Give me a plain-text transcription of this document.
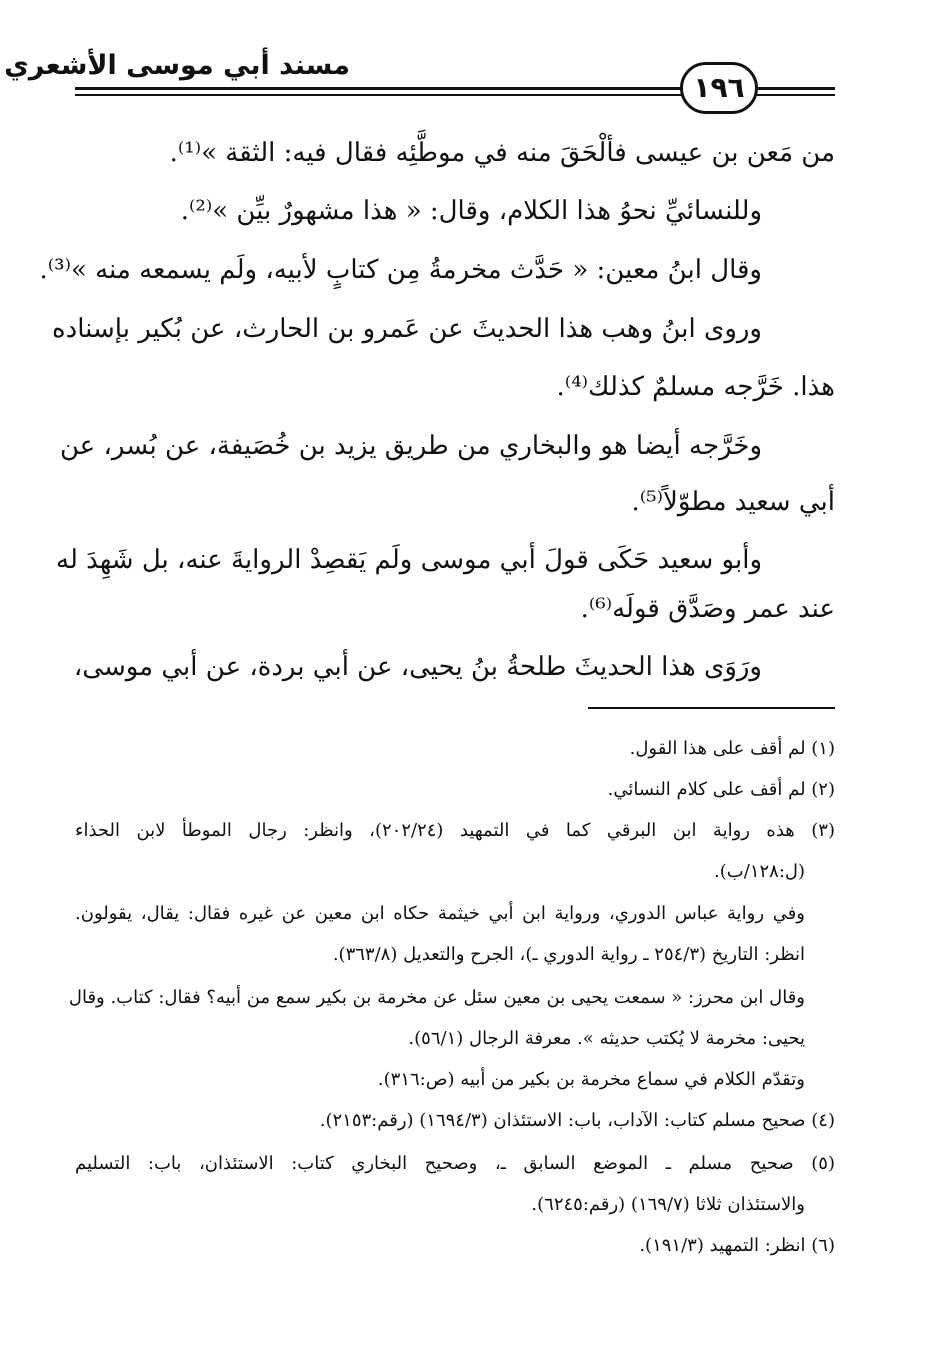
مسند أبي موسى الأشعري
١٩٦
من مَعن بن عيسى فألْحَقَ منه في موطَّئِه فقال فيه: الثقة »⁽¹⁾.
وللنسائيِّ نحوُ هذا الكلام، وقال: « هذا مشهورٌ بيِّن »⁽²⁾.
وقال ابنُ معين: « حَدَّث مخرمةُ مِن كتابٍ لأبيه، ولَم يسمعه منه »⁽³⁾.
وروى ابنُ وهب هذا الحديثَ عن عَمرو بن الحارث، عن بُكير بإسناده
هذا. خَرَّجه مسلمٌ كذلك⁽⁴⁾.
وخَرَّجه أيضا هو والبخاري من طريق يزيد بن خُصَيفة، عن بُسر، عن
أبي سعيد مطوّلاً⁽⁵⁾.
وأبو سعيد حَكَى قولَ أبي موسى ولَم يَقصِدْ الروايةَ عنه، بل شَهِدَ له
عند عمر وصَدَّق قولَه⁽⁶⁾.
ورَوَى هذا الحديثَ طلحةُ بنُ يحيى، عن أبي بردة، عن أبي موسى،
(١) لم أقف على هذا القول.
(٢) لم أقف على كلام النسائي.
(٣) هذه رواية ابن البرقي كما في التمهيد (٢٠٢/٢٤)، وانظر: رجال الموطأ لابن الحذاء
(ل:١٢٨/ب).
وفي رواية عباس الدوري، ورواية ابن أبي خيثمة حكاه ابن معين عن غيره فقال: يقال، يقولون.
انظر: التاريخ (٢٥٤/٣ ـ رواية الدوري ـ)، الجرح والتعديل (٣٦٣/٨).
وقال ابن محرز: « سمعت يحيى بن معين سئل عن مخرمة بن بكير سمع من أبيه؟ فقال: كتاب. وقال
يحيى: مخرمة لا يُكتب حديثه ». معرفة الرجال (٥٦/١).
وتقدّم الكلام في سماع مخرمة بن بكير من أبيه (ص:٣١٦).
(٤) صحيح مسلم كتاب: الآداب، باب: الاستئذان (١٦٩٤/٣) (رقم:٢١٥٣).
(٥) صحيح مسلم ـ الموضع السابق ـ، وصحيح البخاري كتاب: الاستئذان، باب: التسليم
والاستئذان ثلاثا (١٦٩/٧) (رقم:٦٢٤٥).
(٦) انظر: التمهيد (١٩١/٣).
